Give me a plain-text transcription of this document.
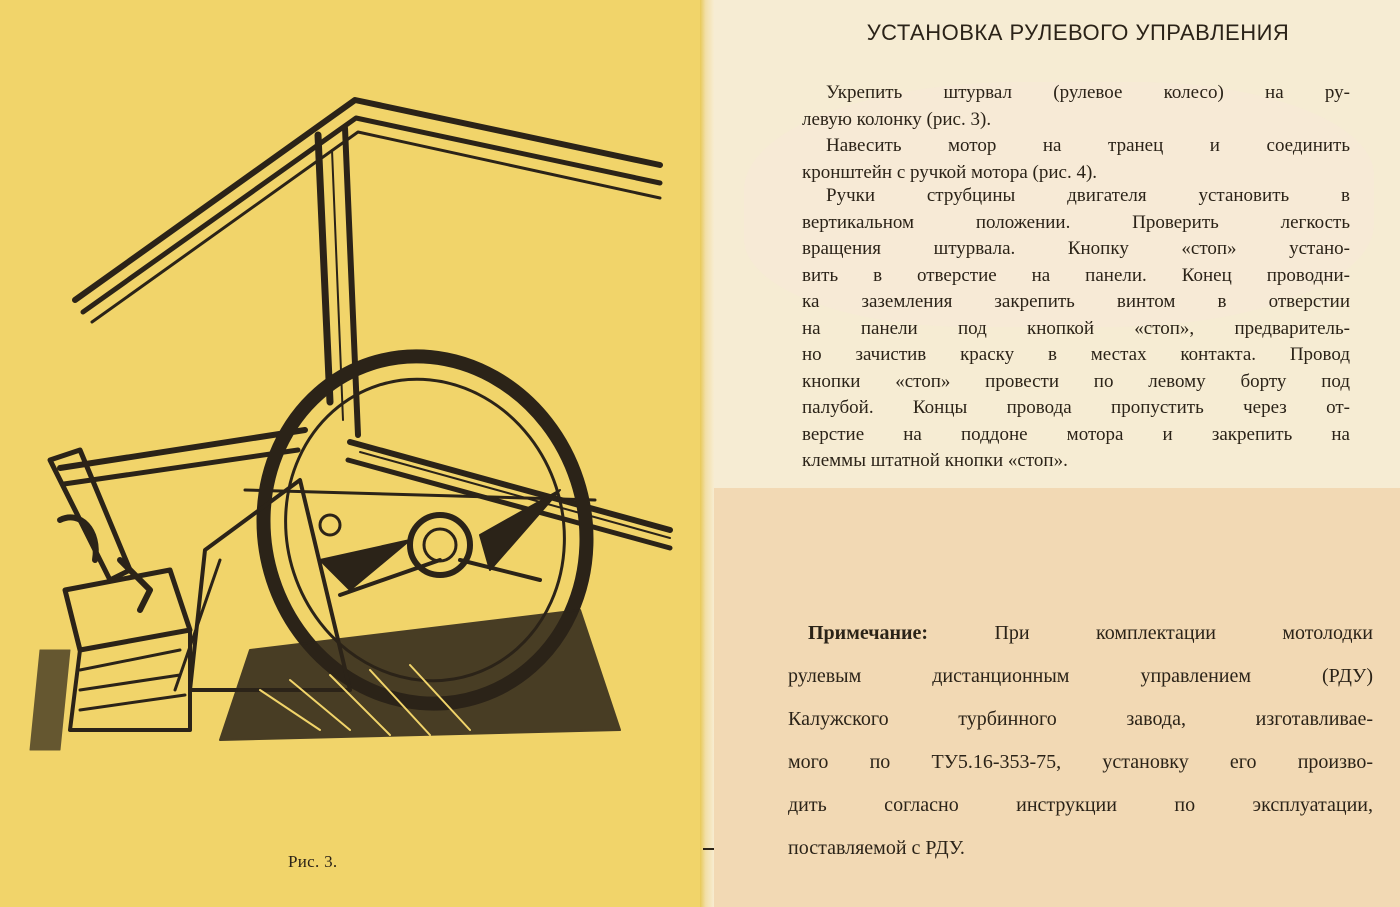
Рис. 3.
УСТАНОВКА РУЛЕВОГО УПРАВЛЕНИЯ
Укрепить штурвал (рулевое колесо) на ру-
левую колонку (рис. 3).
Навесить мотор на транец и соединить
кронштейн с ручкой мотора (рис. 4).
Ручки струбцины двигателя установить в
вертикальном положении. Проверить легкость
вращения штурвала. Кнопку «стоп» устано-
вить в отверстие на панели. Конец проводни-
ка заземления закрепить винтом в отверстии
на панели под кнопкой «стоп», предваритель-
но зачистив краску в местах контакта. Провод
кнопки «стоп» провести по левому борту под
палубой. Концы провода пропустить через от-
верстие на поддоне мотора и закрепить на
клеммы штатной кнопки «стоп».
Примечание:	При комплектации мотолодки
рулевым дистанционным управлением (РДУ)
Калужского турбинного завода, изготавливае-
мого по ТУ5.16-353-75, установку его произво-
дить согласно инструкции по эксплуатации,
поставляемой с РДУ.
